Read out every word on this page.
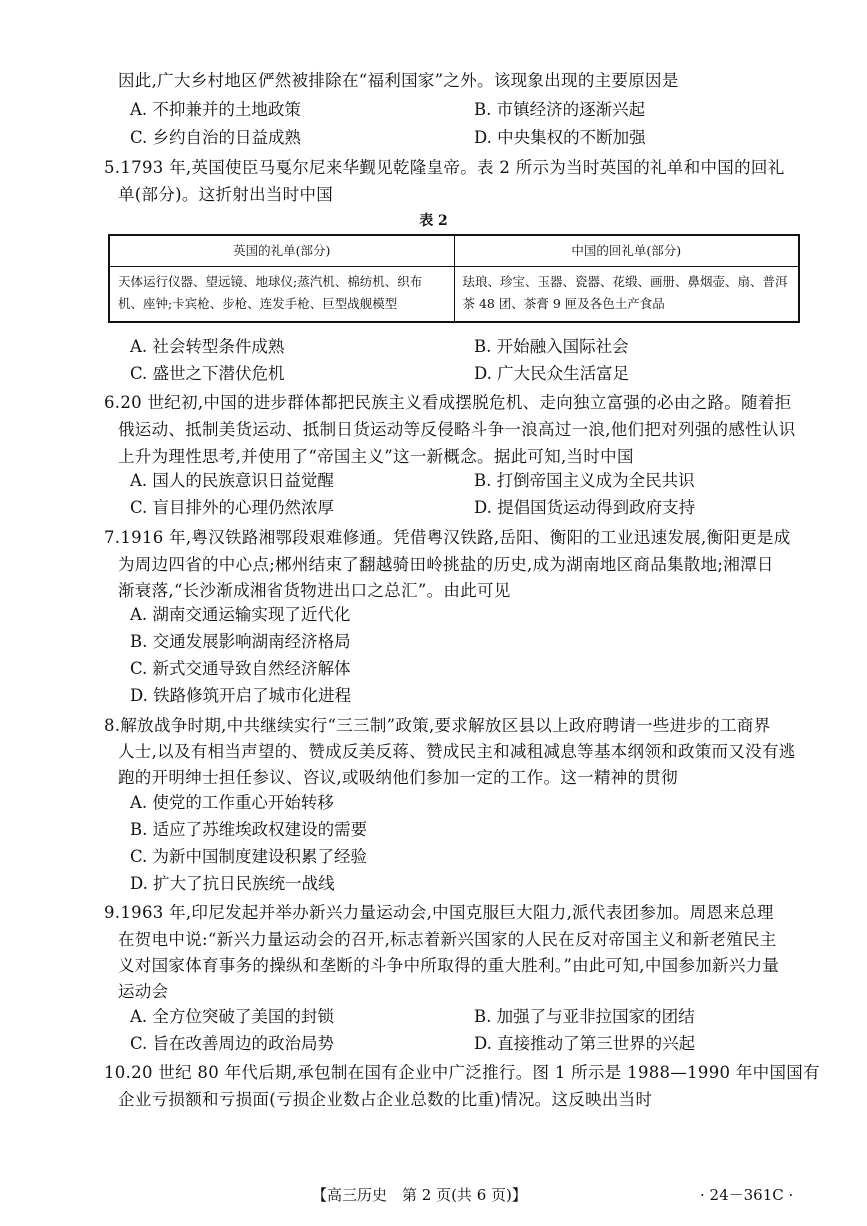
因此,广大乡村地区俨然被排除在“福利国家”之外。该现象出现的主要原因是
A. 不抑兼并的土地政策	B. 市镇经济的逐渐兴起
C. 乡约自治的日益成熟	D. 中央集权的不断加强
5.1793 年,英国使臣马戛尔尼来华觐见乾隆皇帝。表 2 所示为当时英国的礼单和中国的回礼
单(部分)。这折射出当时中国
表 2
英国的礼单(部分)	中国的回礼单(部分)
天体运行仪器、望远镜、地球仪;蒸汽机、棉纺机、织布机、座钟;卡宾枪、步枪、连发手枪、巨型战舰模型	珐琅、珍宝、玉器、瓷器、花缎、画册、鼻烟壶、扇、普洱茶 48 团、茶膏 9 匣及各色土产食品
A. 社会转型条件成熟	B. 开始融入国际社会
C. 盛世之下潜伏危机	D. 广大民众生活富足
6.20 世纪初,中国的进步群体都把民族主义看成摆脱危机、走向独立富强的必由之路。随着拒
俄运动、抵制美货运动、抵制日货运动等反侵略斗争一浪高过一浪,他们把对列强的感性认识
上升为理性思考,并使用了“帝国主义”这一新概念。据此可知,当时中国
A. 国人的民族意识日益觉醒	B. 打倒帝国主义成为全民共识
C. 盲目排外的心理仍然浓厚	D. 提倡国货运动得到政府支持
7.1916 年,粤汉铁路湘鄂段艰难修通。凭借粤汉铁路,岳阳、衡阳的工业迅速发展,衡阳更是成
为周边四省的中心点;郴州结束了翻越骑田岭挑盐的历史,成为湖南地区商品集散地;湘潭日
渐衰落,“长沙渐成湘省货物进出口之总汇”。由此可见
A. 湖南交通运输实现了近代化
B. 交通发展影响湖南经济格局
C. 新式交通导致自然经济解体
D. 铁路修筑开启了城市化进程
8.解放战争时期,中共继续实行“三三制”政策,要求解放区县以上政府聘请一些进步的工商界
人士,以及有相当声望的、赞成反美反蒋、赞成民主和减租减息等基本纲领和政策而又没有逃
跑的开明绅士担任参议、咨议,或吸纳他们参加一定的工作。这一精神的贯彻
A. 使党的工作重心开始转移
B. 适应了苏维埃政权建设的需要
C. 为新中国制度建设积累了经验
D. 扩大了抗日民族统一战线
9.1963 年,印尼发起并举办新兴力量运动会,中国克服巨大阻力,派代表团参加。周恩来总理
在贺电中说:“新兴力量运动会的召开,标志着新兴国家的人民在反对帝国主义和新老殖民主
义对国家体育事务的操纵和垄断的斗争中所取得的重大胜利。”由此可知,中国参加新兴力量
运动会
A. 全方位突破了美国的封锁	B. 加强了与亚非拉国家的团结
C. 旨在改善周边的政治局势	D. 直接推动了第三世界的兴起
10.20 世纪 80 年代后期,承包制在国有企业中广泛推行。图 1 所示是 1988—1990 年中国国有
企业亏损额和亏损面(亏损企业数占企业总数的比重)情况。这反映出当时
【高三历史　第 2 页(共 6 页)】	· 24－361C ·
